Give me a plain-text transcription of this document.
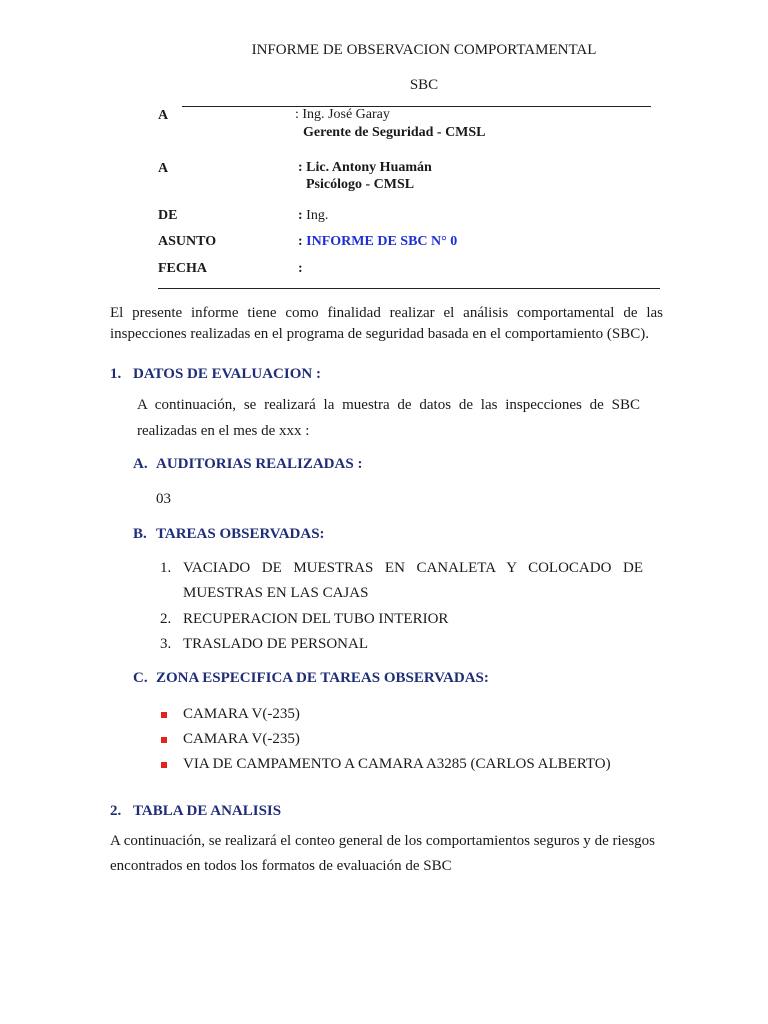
INFORME DE OBSERVACION COMPORTAMENTAL
SBC
A	: Ing. José Garay
Gerente de Seguridad - CMSL
A	: Lic. Antony Huamán
Psicólogo - CMSL
DE	: Ing.
ASUNTO	: INFORME DE SBC N° 0
FECHA	:
El presente informe tiene como finalidad realizar el análisis comportamental de las inspecciones realizadas en el programa de seguridad basada en el comportamiento (SBC).
1. DATOS DE EVALUACION :
A continuación, se realizará la muestra de datos de las inspecciones de SBC realizadas en el mes de xxx :
A. AUDITORIAS REALIZADAS :
03
B. TAREAS OBSERVADAS:
1. VACIADO DE MUESTRAS EN CANALETA Y COLOCADO DE MUESTRAS EN LAS CAJAS
2. RECUPERACION DEL TUBO INTERIOR
3. TRASLADO DE PERSONAL
C. ZONA ESPECIFICA DE TAREAS OBSERVADAS:
CAMARA V(-235)
CAMARA V(-235)
VIA DE CAMPAMENTO A CAMARA A3285 (CARLOS ALBERTO)
2. TABLA DE ANALISIS
A continuación, se realizará el conteo general de los comportamientos seguros y de riesgos encontrados en todos los formatos de evaluación de SBC
